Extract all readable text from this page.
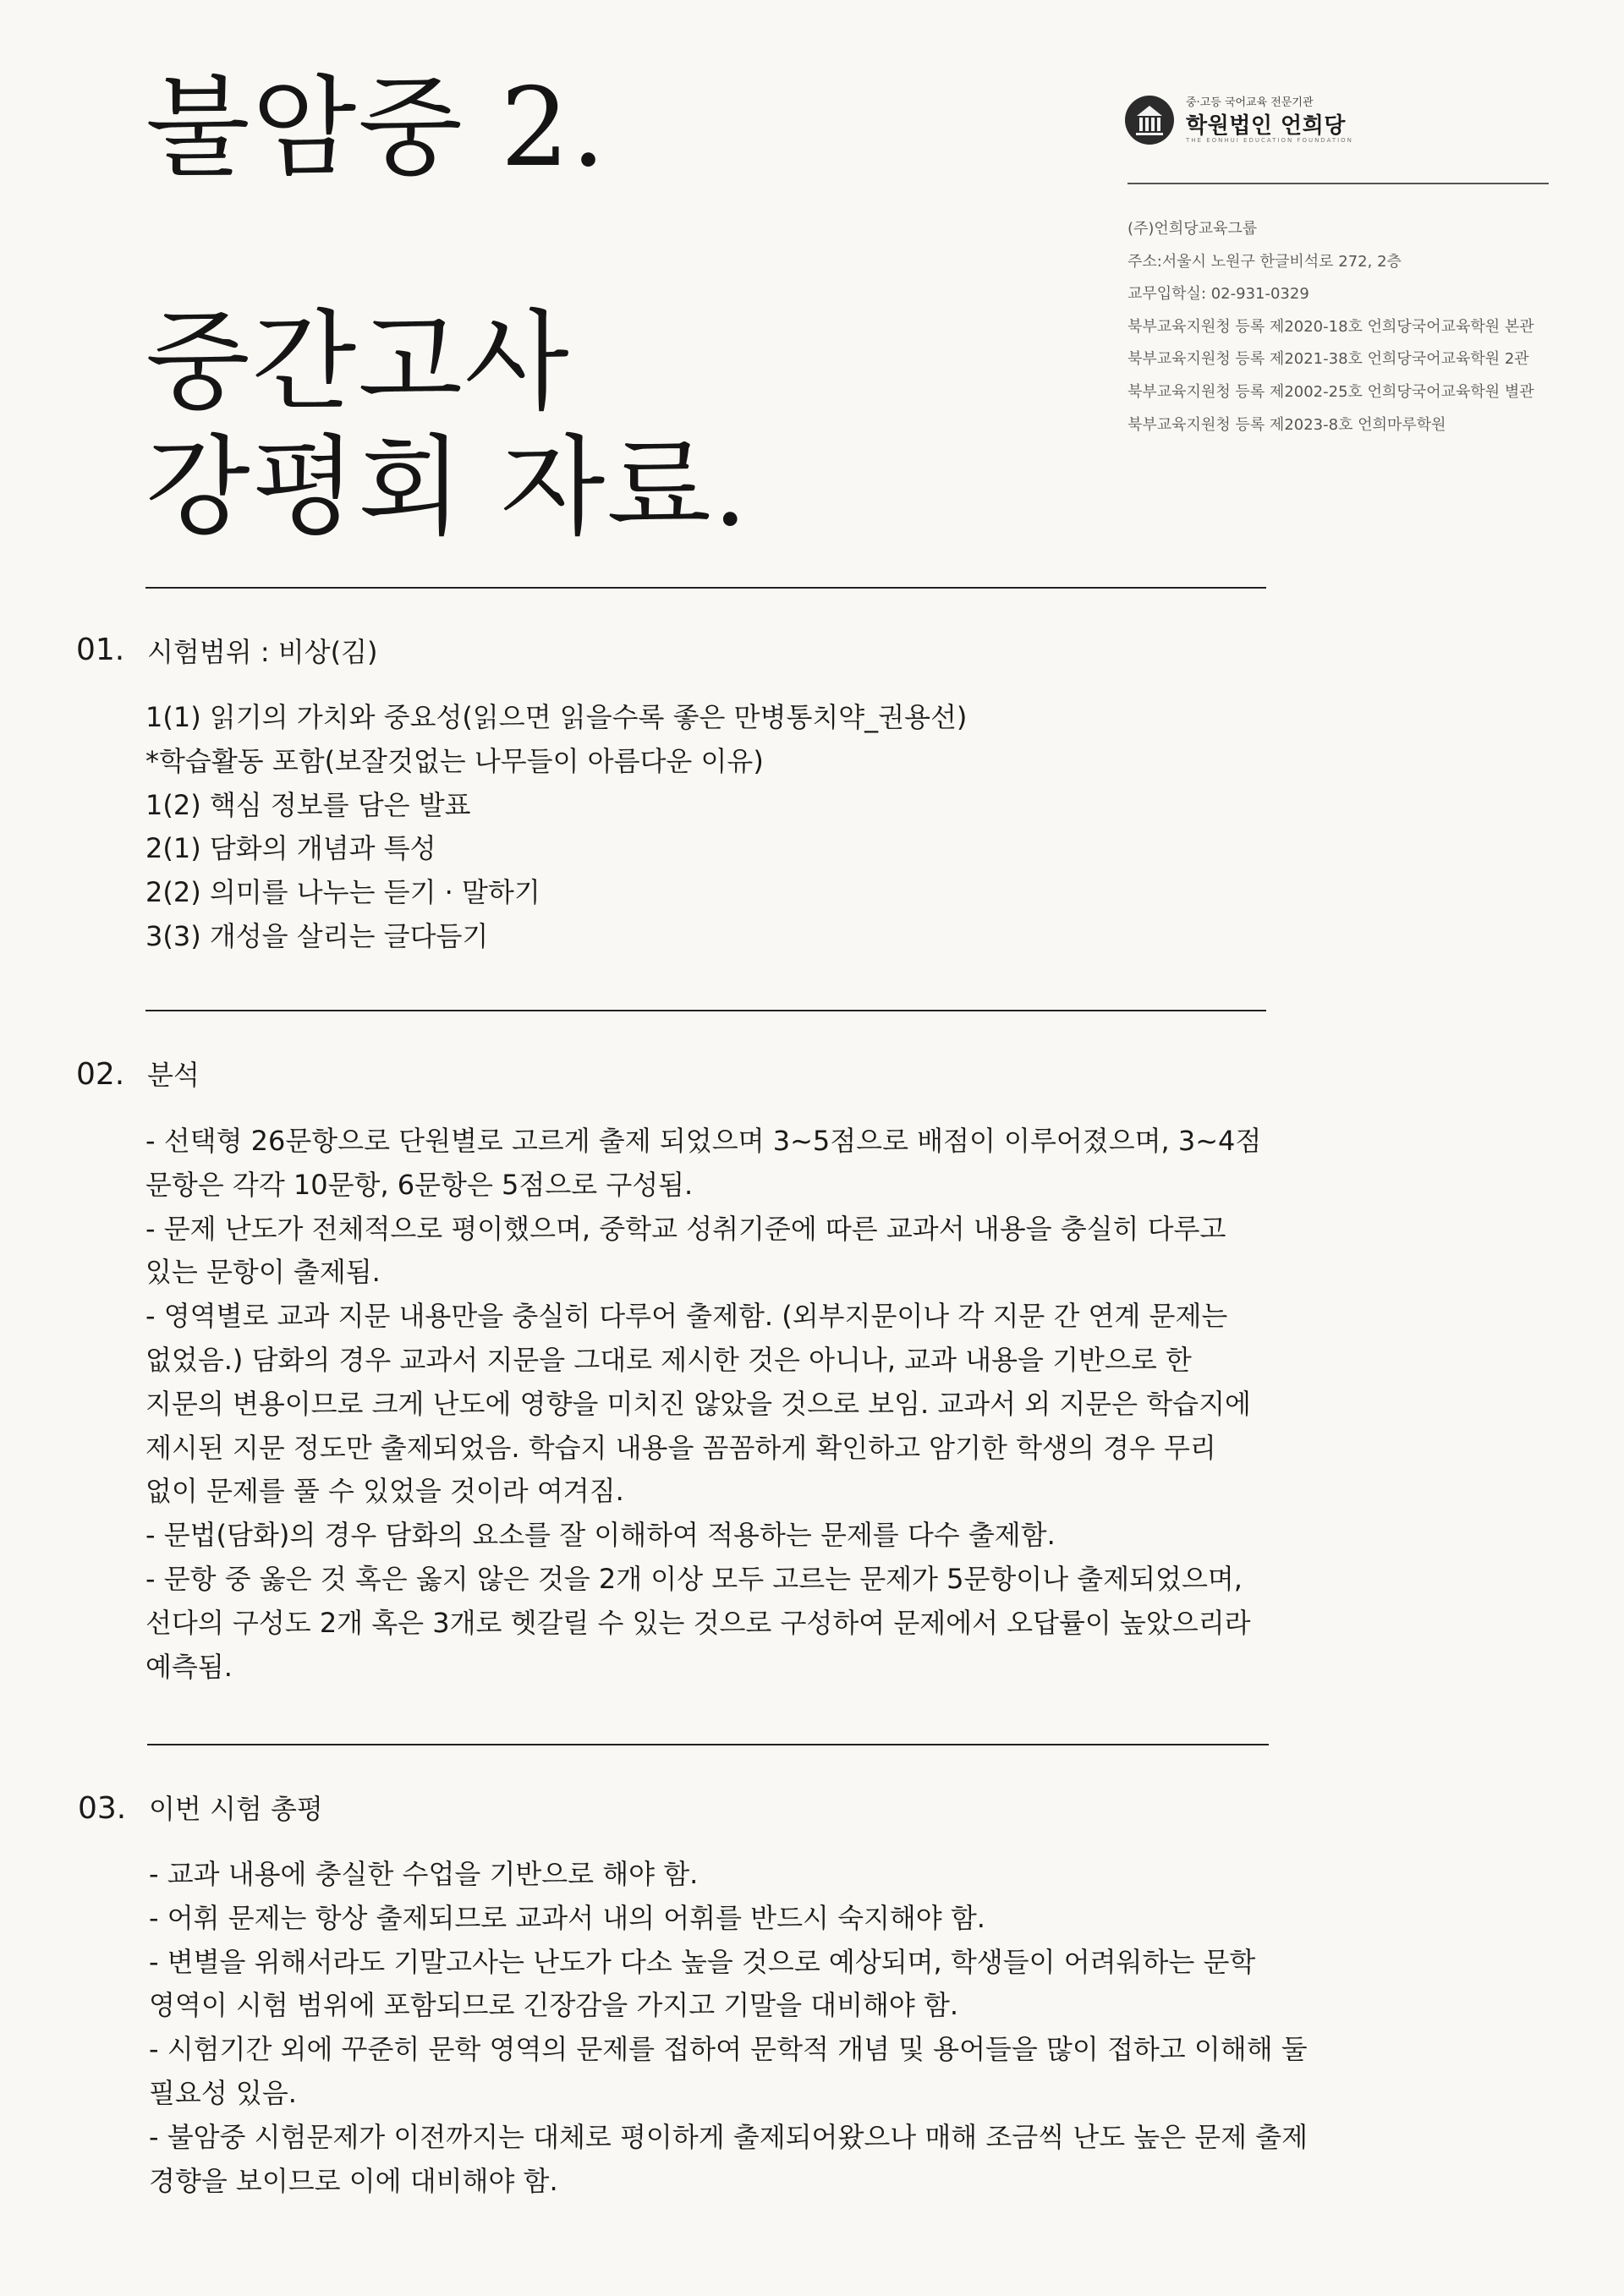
불암중 2.
중간고사
강평회 자료.
중·고등 국어교육 전문기관
학원법인 언희당
THE EONHUI EDUCATION FOUNDATION
(주)언희당교육그룹
주소:서울시 노원구 한글비석로 272, 2층
교무입학실: 02-931-0329
북부교육지원청 등록 제2020-18호 언희당국어교육학원 본관
북부교육지원청 등록 제2021-38호 언희당국어교육학원 2관
북부교육지원청 등록 제2002-25호 언희당국어교육학원 별관
북부교육지원청 등록 제2023-8호 언희마루학원
01. 시험범위 : 비상(김)
1(1) 읽기의 가치와 중요성(읽으면 읽을수록 좋은 만병통치약_권용선)
*학습활동 포함(보잘것없는 나무들이 아름다운 이유)
1(2) 핵심 정보를 담은 발표
2(1) 담화의 개념과 특성
2(2) 의미를 나누는 듣기 · 말하기
3(3) 개성을 살리는 글다듬기
02. 분석
- 선택형 26문항으로 단원별로 고르게 출제 되었으며 3~5점으로 배점이 이루어졌으며, 3~4점
문항은 각각 10문항, 6문항은 5점으로 구성됨.
- 문제 난도가 전체적으로 평이했으며, 중학교 성취기준에 따른 교과서 내용을 충실히 다루고
있는 문항이 출제됨.
- 영역별로 교과 지문 내용만을 충실히 다루어 출제함. (외부지문이나 각 지문 간 연계 문제는
없었음.) 담화의 경우 교과서 지문을 그대로 제시한 것은 아니나, 교과 내용을 기반으로 한
지문의 변용이므로 크게 난도에 영향을 미치진 않았을 것으로 보임. 교과서 외 지문은 학습지에
제시된 지문 정도만 출제되었음. 학습지 내용을 꼼꼼하게 확인하고 암기한 학생의 경우 무리
없이 문제를 풀 수 있었을 것이라 여겨짐.
- 문법(담화)의 경우 담화의 요소를 잘 이해하여 적용하는 문제를 다수 출제함.
- 문항 중 옳은 것 혹은 옳지 않은 것을 2개 이상 모두 고르는 문제가 5문항이나 출제되었으며,
선다의 구성도 2개 혹은 3개로 헷갈릴 수 있는 것으로 구성하여 문제에서 오답률이 높았으리라
예측됨.
03. 이번 시험 총평
- 교과 내용에 충실한 수업을 기반으로 해야 함.
- 어휘 문제는 항상 출제되므로 교과서 내의 어휘를 반드시 숙지해야 함.
- 변별을 위해서라도 기말고사는 난도가 다소 높을 것으로 예상되며, 학생들이 어려워하는 문학
영역이 시험 범위에 포함되므로 긴장감을 가지고 기말을 대비해야 함.
- 시험기간 외에 꾸준히 문학 영역의 문제를 접하여 문학적 개념 및 용어들을 많이 접하고 이해해 둘
필요성 있음.
- 불암중 시험문제가 이전까지는 대체로 평이하게 출제되어왔으나 매해 조금씩 난도 높은 문제 출제
경향을 보이므로 이에 대비해야 함.
